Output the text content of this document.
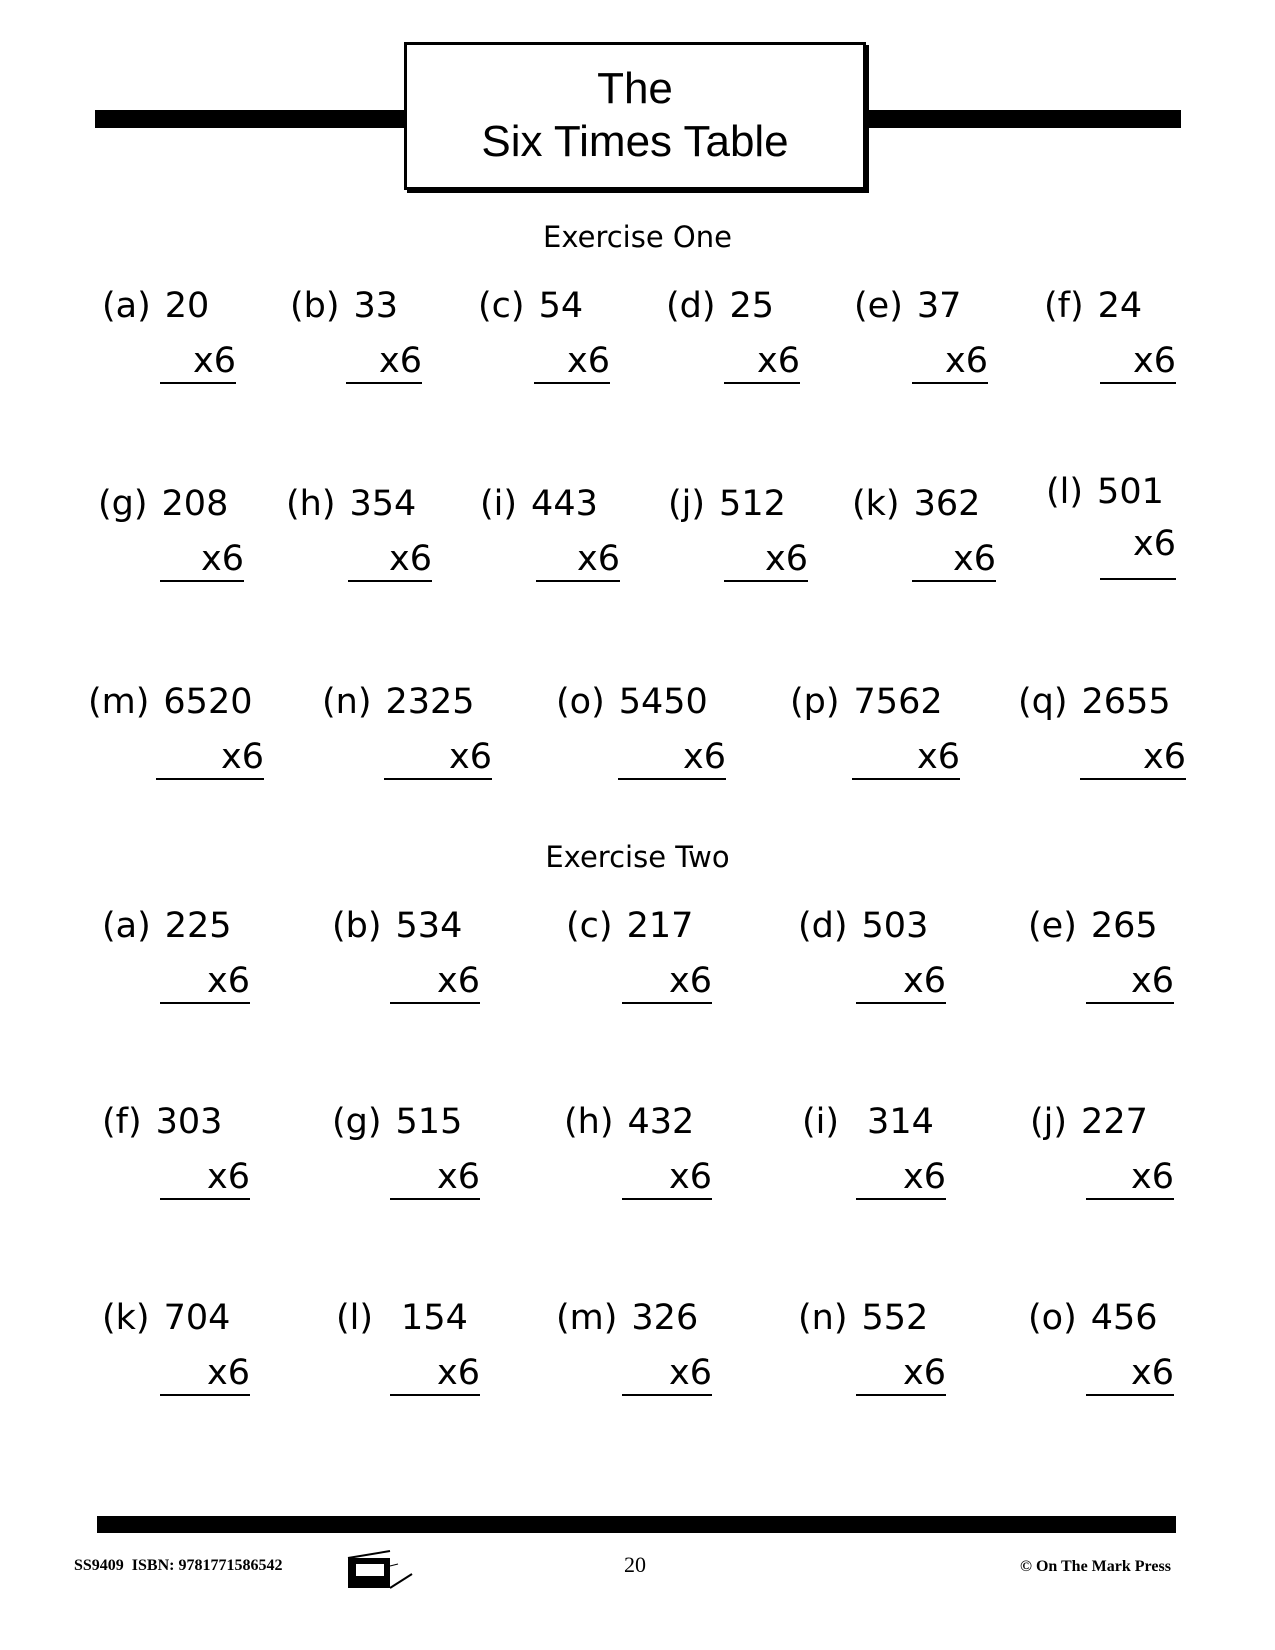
The
Six Times Table
Exercise One
(a) 20
x6
(b) 33
x6
(c) 54
x6
(d) 25
x6
(e) 37
x6
(f) 24
x6
(g) 208
x6
(h) 354
x6
(i) 443
x6
(j) 512
x6
(k) 362
x6
(l) 501
x6
(m) 6520
x6
(n) 2325
x6
(o) 5450
x6
(p) 7562
x6
(q) 2655
x6
Exercise Two
(a) 225
x6
(b) 534
x6
(c) 217
x6
(d) 503
x6
(e) 265
x6
(f) 303
x6
(g) 515
x6
(h) 432
x6
(i) 314
x6
(j) 227
x6
(k) 704
x6
(l) 154
x6
(m) 326
x6
(n) 552
x6
(o) 456
x6
SS9409 ISBN: 9781771586542	20	© On The Mark Press
